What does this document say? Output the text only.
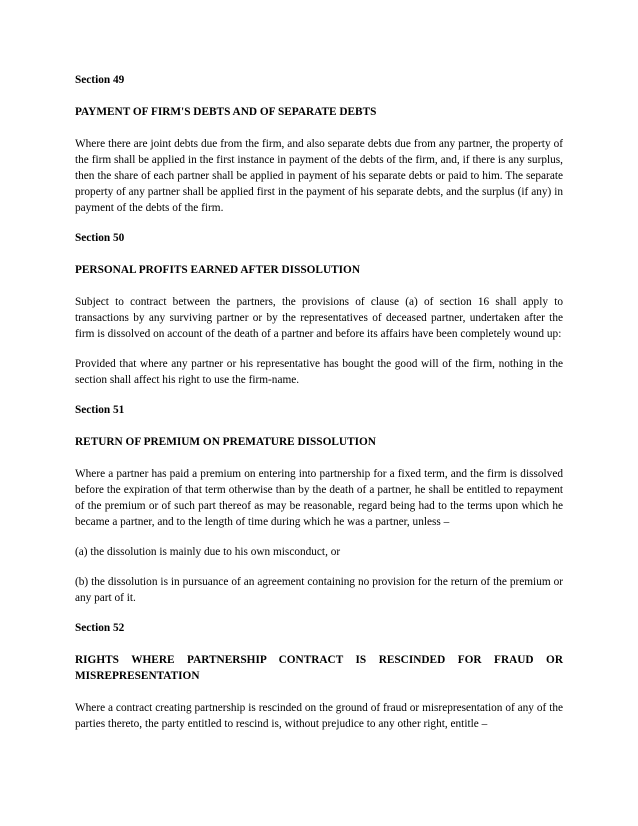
Section 49
PAYMENT OF FIRM'S DEBTS AND OF SEPARATE DEBTS

Where there are joint debts due from the firm, and also separate debts due from any partner, the property of the firm shall be applied in the first instance in payment of the debts of the firm, and, if there is any surplus, then the share of each partner shall be applied in payment of his separate debts or paid to him. The separate property of any partner shall be applied first in the payment of his separate debts, and the surplus (if any) in payment of the debts of the firm.

Section 50
PERSONAL PROFITS EARNED AFTER DISSOLUTION

Subject to contract between the partners, the provisions of clause (a) of section 16 shall apply to transactions by any surviving partner or by the representatives of deceased partner, undertaken after the firm is dissolved on account of the death of a partner and before its affairs have been completely wound up:

Provided that where any partner or his representative has bought the good will of the firm, nothing in the section shall affect his right to use the firm-name.

Section 51
RETURN OF PREMIUM ON PREMATURE DISSOLUTION

Where a partner has paid a premium on entering into partnership for a fixed term, and the firm is dissolved before the expiration of that term otherwise than by the death of a partner, he shall be entitled to repayment of the premium or of such part thereof as may be reasonable, regard being had to the terms upon which he became a partner, and to the length of time during which he was a partner, unless –

(a) the dissolution is mainly due to his own misconduct, or

(b) the dissolution is in pursuance of an agreement containing no provision for the return of the premium or any part of it.

Section 52
RIGHTS WHERE PARTNERSHIP CONTRACT IS RESCINDED FOR FRAUD OR MISREPRESENTATION

Where a contract creating partnership is rescinded on the ground of fraud or misrepresentation of any of the parties thereto, the party entitled to rescind is, without prejudice to any other right, entitle –
